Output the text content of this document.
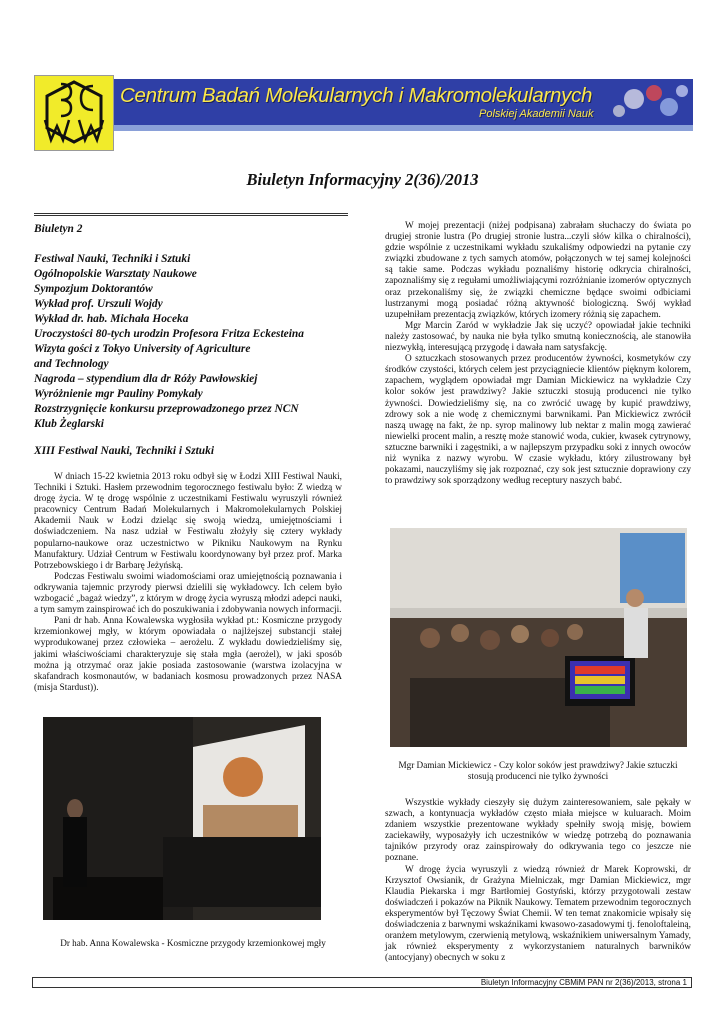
Centrum Badań Molekularnych i Makromolekularnych
Polskiej Akademii Nauk
Biuletyn Informacyjny 2(36)/2013
Biuletyn 2
Festiwal Nauki, Techniki i Sztuki
Ogólnopolskie Warsztaty Naukowe
Sympozjum Doktorantów
Wykład prof. Urszuli Wojdy
Wykład dr. hab. Michała Hoceka
Uroczystości 80-tych urodzin Profesora Fritza Eckesteina
Wizyta gości z Tokyo University of Agriculture
and Technology
Nagroda – stypendium dla dr Róży Pawłowskiej
Wyróżnienie mgr Pauliny Pomykały
Rozstrzygnięcie konkursu przeprowadzonego przez NCN
Klub Żeglarski
XIII Festiwal Nauki, Techniki i Sztuki

W dniach 15-22 kwietnia 2013 roku odbył się w Łodzi XIII Festiwal Nauki, Techniki i Sztuki. Hasłem przewodnim tegorocznego festiwalu było: Z wiedzą w drogę życia. W tę drogę wspólnie z uczestnikami Festiwalu wyruszyli również pracownicy Centrum Badań Molekularnych i Makromolekularnych Polskiej Akademii Nauk w Łodzi dzieląc się swoją wiedzą, umiejętnościami i doświadczeniem. Na nasz udział w Festiwalu złożyły się cztery wykłady popularno-naukowe oraz uczestnictwo w Pikniku Naukowym na Rynku Manufaktury. Udział Centrum w Festiwalu koordynowany był przez prof. Marka Potrzebowskiego i dr Barbarę Jeżyńską.

Podczas Festiwalu swoimi wiadomościami oraz umiejętnością poznawania i odkrywania tajemnic przyrody pierwsi dzielili się wykładowcy. Ich celem było wzbogacić „bagaż wiedzy”, z którym w drogę życia wyruszą młodzi adepci nauki, a tym samym zainspirować ich do poszukiwania i zdobywania nowych informacji.

Pani dr hab. Anna Kowalewska wygłosiła wykład pt.: Kosmiczne przygody krzemionkowej mgły, w którym opowiadała o najlżejszej substancji stałej wyprodukowanej przez człowieka – aerożelu. Z wykładu dowiedzieliśmy się, jakimi właściwościami charakteryzuje się stała mgła (aerożel), w jaki sposób można ją otrzymać oraz jakie posiada zastosowanie (warstwa izolacyjna w skafandrach kosmonautów, w badaniach kosmosu prowadzonych przez NASA (misja Stardust)).

Dr hab. Anna Kowalewska - Kosmiczne przygody krzemionkowej mgły

W mojej prezentacji (niżej podpisana) zabrałam słuchaczy do świata po drugiej stronie lustra (Po drugiej stronie lustra...czyli słów kilka o chiralności), gdzie wspólnie z uczestnikami wykładu szukaliśmy odpowiedzi na pytanie czy związki zbudowane z tych samych atomów, połączonych w tej samej kolejności są takie same. Podczas wykładu poznaliśmy historię odkrycia chiralności, zapoznaliśmy się z regułami umożliwiającymi rozróżnianie izomerów optycznych oraz przekonaliśmy się, że związki chemiczne będące swoimi odbiciami lustrzanymi mogą posiadać różną aktywność biologiczną. Swój wykład uzupełniłam prezentacją związków, których izomery różnią się zapachem.

Mgr Marcin Zaród w wykładzie Jak się uczyć? opowiadał jakie techniki należy zastosować, by nauka nie była tylko smutną koniecznością, ale stanowiła niezwykłą, interesującą przygodę i dawała nam satysfakcję.

O sztuczkach stosowanych przez producentów żywności, kosmetyków czy środków czystości, których celem jest przyciągniecie klientów pięknym kolorem, zapachem, wyglądem opowiadał mgr Damian Mickiewicz na wykładzie Czy kolor soków jest prawdziwy? Jakie sztuczki stosują producenci nie tylko żywności. Dowiedzieliśmy się, na co zwrócić uwagę by kupić prawdziwy, zdrowy sok a nie wodę z chemicznymi barwnikami. Pan Mickiewicz zwrócił naszą uwagę na fakt, że np. syrop malinowy lub nektar z malin mogą zawierać niewielki procent malin, a resztę może stanowić woda, cukier, kwasek cytrynowy, sztuczne barwniki i zagęstniki, a w najlepszym przypadku soki z innych owoców niż wynika z nazwy wyrobu. W czasie wykładu, który zilustrowany był pokazami, nauczyliśmy się jak rozpoznać, czy sok jest sztucznie doprawiony czy to prawdziwy sok sporządzony według receptury naszych babć.

Mgr Damian Mickiewicz - Czy kolor soków jest prawdziwy? Jakie sztuczki stosują producenci nie tylko żywności

Wszystkie wykłady cieszyły się dużym zainteresowaniem, sale pękały w szwach, a kontynuacja wykładów często miała miejsce w kuluarach. Moim zdaniem wszystkie prezentowane wykłady spełniły swoją misję, bowiem zaciekawiły, wyposażyły ich uczestników w wiedzę potrzebą do poznawania tajników przyrody oraz zainspirowały do odkrywania tego co jeszcze nie poznane.

W drogę życia wyruszyli z wiedzą również dr Marek Koprowski, dr Krzysztof Owsianik, dr Grażyna Mielniczak, mgr Damian Mickiewicz, mgr Klaudia Piekarska i mgr Bartłomiej Gostyński, którzy przygotowali zestaw doświadczeń i pokazów na Piknik Naukowy. Tematem przewodnim tegorocznych eksperymentów był Tęczowy Świat Chemii. W ten temat znakomicie wpisały się doświadczenia z barwnymi wskaźnikami kwasowo-zasadowymi tj. fenoloftaleiną, oranżem metylowym, czerwienią metylową, wskaźnikiem uniwersalnym Yamady, jak również eksperymenty z wykorzystaniem naturalnych barwników (antocyjany) obecnych w soku z

Biuletyn Informacyjny CBMiM PAN nr 2(36)/2013, strona 1
